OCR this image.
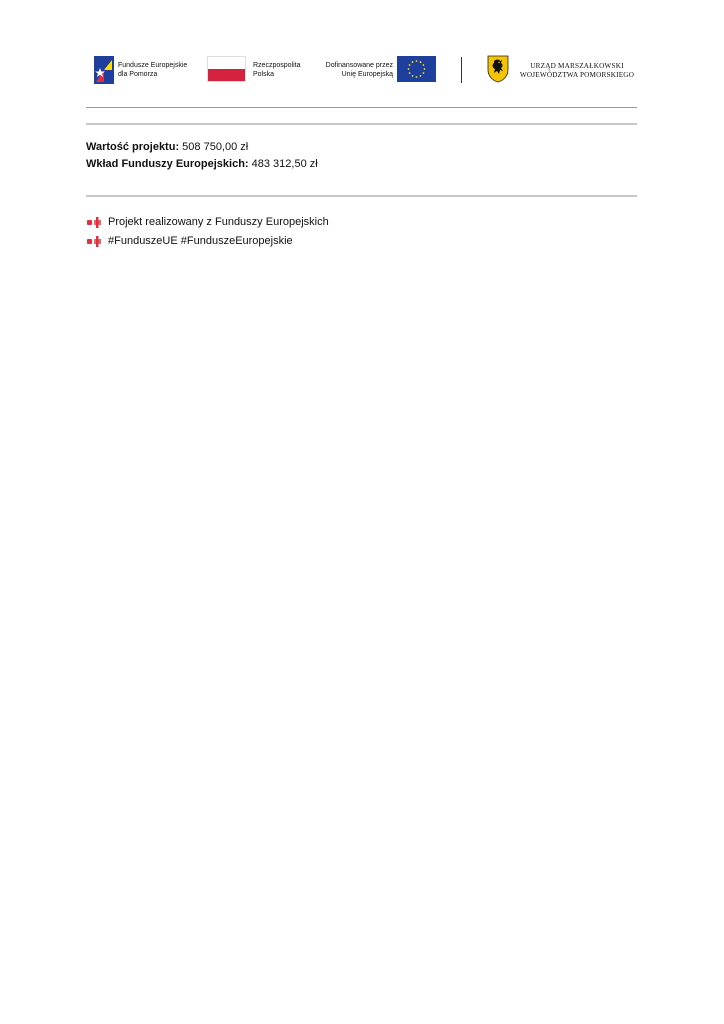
Fundusze Europejskie
dla Pomorza
Rzeczpospolita
Polska
Dofinansowane przez
Unię Europejską
URZĄD MARSZAŁKOWSKI
WOJEWÓDZTWA POMORSKIEGO
Wartość projektu: 508 750,00 zł
Wkład Funduszy Europejskich: 483 312,50 zł
Projekt realizowany z Funduszy Europejskich
#FunduszeUE #FunduszeEuropejskie
